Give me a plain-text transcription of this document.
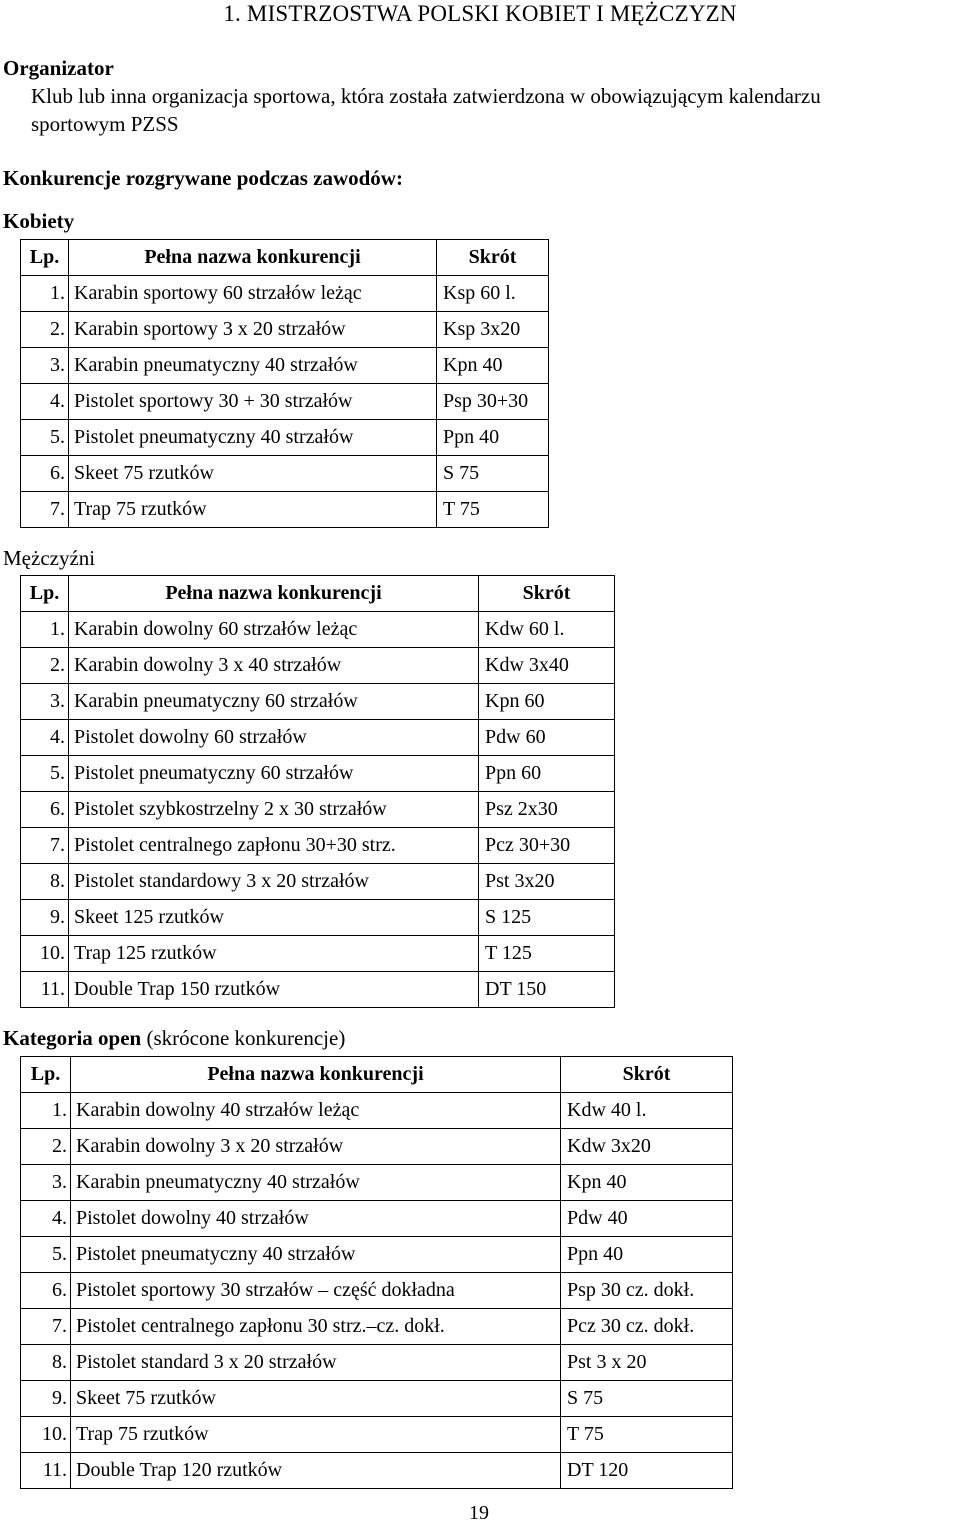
1. MISTRZOSTWA POLSKI KOBIET I MĘŻCZYZN
Organizator
Klub lub inna organizacja sportowa, która została zatwierdzona w obowiązującym kalendarzu
sportowym PZSS
Konkurencje rozgrywane podczas zawodów:
Kobiety
Lp.	Pełna nazwa konkurencji	Skrót
1.	Karabin sportowy 60 strzałów leżąc	Ksp 60 l.
2.	Karabin sportowy 3 x 20 strzałów	Ksp 3x20
3.	Karabin pneumatyczny 40 strzałów	Kpn 40
4.	Pistolet sportowy 30 + 30 strzałów	Psp 30+30
5.	Pistolet pneumatyczny 40 strzałów	Ppn 40
6.	Skeet 75 rzutków	S 75
7.	Trap 75 rzutków	T 75
Mężczyźni
Lp.	Pełna nazwa konkurencji	Skrót
1.	Karabin dowolny 60 strzałów leżąc	Kdw 60 l.
2.	Karabin dowolny 3 x 40 strzałów	Kdw 3x40
3.	Karabin pneumatyczny 60 strzałów	Kpn 60
4.	Pistolet dowolny 60 strzałów	Pdw 60
5.	Pistolet pneumatyczny 60 strzałów	Ppn 60
6.	Pistolet szybkostrzelny 2 x 30 strzałów	Psz 2x30
7.	Pistolet centralnego zapłonu 30+30 strz.	Pcz 30+30
8.	Pistolet standardowy 3 x 20 strzałów	Pst 3x20
9.	Skeet 125 rzutków	S 125
10.	Trap 125 rzutków	T 125
11.	Double Trap 150 rzutków	DT 150
Kategoria open (skrócone konkurencje)
Lp.	Pełna nazwa konkurencji	Skrót
1.	Karabin dowolny 40 strzałów leżąc	Kdw 40 l.
2.	Karabin dowolny 3 x 20 strzałów	Kdw 3x20
3.	Karabin pneumatyczny 40 strzałów	Kpn 40
4.	Pistolet dowolny 40 strzałów	Pdw 40
5.	Pistolet pneumatyczny 40 strzałów	Ppn 40
6.	Pistolet sportowy 30 strzałów – część dokładna	Psp 30 cz. dokł.
7.	Pistolet centralnego zapłonu 30 strz.–cz. dokł.	Pcz 30 cz. dokł.
8.	Pistolet standard 3 x 20 strzałów	Pst 3 x 20
9.	Skeet 75 rzutków	S 75
10.	Trap 75 rzutków	T 75
11.	Double Trap 120 rzutków	DT 120
19
